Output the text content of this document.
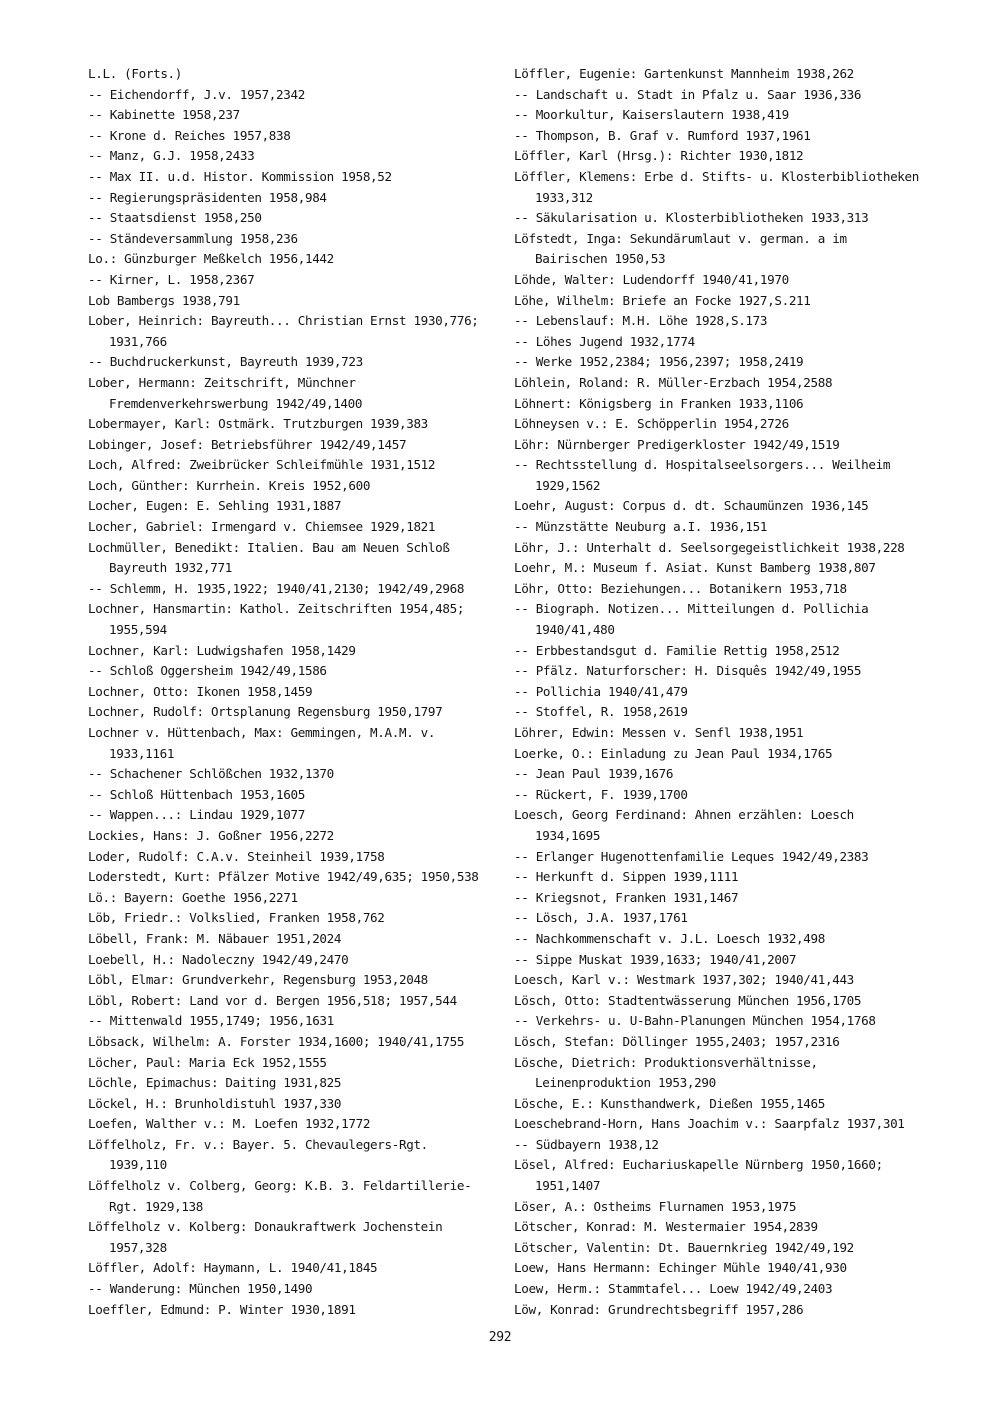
L.L. (Forts.)

-- Eichendorff, J.v. 1957,2342

-- Kabinette 1958,237

-- Krone d. Reiches 1957,838

-- Manz, G.J. 1958,2433

-- Max II. u.d. Histor. Kommission 1958,52

-- Regierungspräsidenten 1958,984

-- Staatsdienst 1958,250

-- Ständeversammlung 1958,236

Lo.: Günzburger Meßkelch 1956,1442

-- Kirner, L. 1958,2367

Lob Bambergs 1938,791

Lober, Heinrich: Bayreuth... Christian Ernst 1930,776; 1931,766

-- Buchdruckerkunst, Bayreuth 1939,723

Lober, Hermann: Zeitschrift, Münchner Fremdenverkehrswerbung 1942/49,1400

Lobermayer, Karl: Ostmärk. Trutzburgen 1939,383

Lobinger, Josef: Betriebsführer 1942/49,1457

Loch, Alfred: Zweibrücker Schleifmühle 1931,1512

Loch, Günther: Kurrhein. Kreis 1952,600

Locher, Eugen: E. Sehling 1931,1887

Locher, Gabriel: Irmengard v. Chiemsee 1929,1821

Lochmüller, Benedikt: Italien. Bau am Neuen Schloß Bayreuth 1932,771

-- Schlemm, H. 1935,1922; 1940/41,2130; 1942/49,2968

Lochner, Hansmartin: Kathol. Zeitschriften 1954,485; 1955,594

Lochner, Karl: Ludwigshafen 1958,1429

-- Schloß Oggersheim 1942/49,1586

Lochner, Otto: Ikonen 1958,1459

Lochner, Rudolf: Ortsplanung Regensburg 1950,1797

Lochner v. Hüttenbach, Max: Gemmingen, M.A.M. v. 1933,1161

-- Schachener Schlößchen 1932,1370

-- Schloß Hüttenbach 1953,1605

-- Wappen...: Lindau 1929,1077

Lockies, Hans: J. Goßner 1956,2272

Loder, Rudolf: C.A.v. Steinheil 1939,1758

Loderstedt, Kurt: Pfälzer Motive 1942/49,635; 1950,538

Lö.: Bayern: Goethe 1956,2271

Löb, Friedr.: Volkslied, Franken 1958,762

Löbell, Frank: M. Näbauer 1951,2024

Loebell, H.: Nadoleczny 1942/49,2470

Löbl, Elmar: Grundverkehr, Regensburg 1953,2048

Löbl, Robert: Land vor d. Bergen 1956,518; 1957,544

-- Mittenwald 1955,1749; 1956,1631

Löbsack, Wilhelm: A. Forster 1934,1600; 1940/41,1755

Löcher, Paul: Maria Eck 1952,1555

Löchle, Epimachus: Daiting 1931,825

Löckel, H.: Brunholdistuhl 1937,330

Loefen, Walther v.: M. Loefen 1932,1772

Löffelholz, Fr. v.: Bayer. 5. Chevaulegers-Rgt. 1939,110

Löffelholz v. Colberg, Georg: K.B. 3. Feldartillerie-Rgt. 1929,138

Löffelholz v. Kolberg: Donaukraftwerk Jochenstein 1957,328

Löffler, Adolf: Haymann, L. 1940/41,1845

-- Wanderung: München 1950,1490

Loeffler, Edmund: P. Winter 1930,1891

Löffler, Eugenie: Gartenkunst Mannheim 1938,262

-- Landschaft u. Stadt in Pfalz u. Saar 1936,336

-- Moorkultur, Kaiserslautern 1938,419

-- Thompson, B. Graf v. Rumford 1937,1961

Löffler, Karl (Hrsg.): Richter 1930,1812

Löffler, Klemens: Erbe d. Stifts- u. Klosterbibliotheken 1933,312

-- Säkularisation u. Klosterbibliotheken 1933,313

Löfstedt, Inga: Sekundärumlaut v. german. a im Bairischen 1950,53

Löhde, Walter: Ludendorff 1940/41,1970

Löhe, Wilhelm: Briefe an Focke 1927,S.211

-- Lebenslauf: M.H. Löhe 1928,S.173

-- Löhes Jugend 1932,1774

-- Werke 1952,2384; 1956,2397; 1958,2419

Löhlein, Roland: R. Müller-Erzbach 1954,2588

Löhnert: Königsberg in Franken 1933,1106

Löhneysen v.: E. Schöpperlin 1954,2726

Löhr: Nürnberger Predigerkloster 1942/49,1519

-- Rechtsstellung d. Hospitalseelsorgers... Weilheim 1929,1562

Loehr, August: Corpus d. dt. Schaumünzen 1936,145

-- Münzstätte Neuburg a.I. 1936,151

Löhr, J.: Unterhalt d. Seelsorgegeistlichkeit 1938,228

Loehr, M.: Museum f. Asiat. Kunst Bamberg 1938,807

Löhr, Otto: Beziehungen... Botanikern 1953,718

-- Biograph. Notizen... Mitteilungen d. Pollichia 1940/41,480

-- Erbbestandsgut d. Familie Rettig 1958,2512

-- Pfälz. Naturforscher: H. Disquês 1942/49,1955

-- Pollichia 1940/41,479

-- Stoffel, R. 1958,2619

Löhrer, Edwin: Messen v. Senfl 1938,1951

Loerke, O.: Einladung zu Jean Paul 1934,1765

-- Jean Paul 1939,1676

-- Rückert, F. 1939,1700

Loesch, Georg Ferdinand: Ahnen erzählen: Loesch 1934,1695

-- Erlanger Hugenottenfamilie Leques 1942/49,2383

-- Herkunft d. Sippen 1939,1111

-- Kriegsnot, Franken 1931,1467

-- Lösch, J.A. 1937,1761

-- Nachkommenschaft v. J.L. Loesch 1932,498

-- Sippe Muskat 1939,1633; 1940/41,2007

Loesch, Karl v.: Westmark 1937,302; 1940/41,443

Lösch, Otto: Stadtentwässerung München 1956,1705

-- Verkehrs- u. U-Bahn-Planungen München 1954,1768

Lösch, Stefan: Döllinger 1955,2403; 1957,2316

Lösche, Dietrich: Produktionsverhältnisse, Leinenproduktion 1953,290

Lösche, E.: Kunsthandwerk, Dießen 1955,1465

Loeschebrand-Horn, Hans Joachim v.: Saarpfalz 1937,301

-- Südbayern 1938,12

Lösel, Alfred: Euchariuskapelle Nürnberg 1950,1660; 1951,1407

Löser, A.: Ostheims Flurnamen 1953,1975

Lötscher, Konrad: M. Westermaier 1954,2839

Lötscher, Valentin: Dt. Bauernkrieg 1942/49,192

Loew, Hans Hermann: Echinger Mühle 1940/41,930

Loew, Herm.: Stammtafel... Loew 1942/49,2403

Löw, Konrad: Grundrechtsbegriff 1957,286

292
